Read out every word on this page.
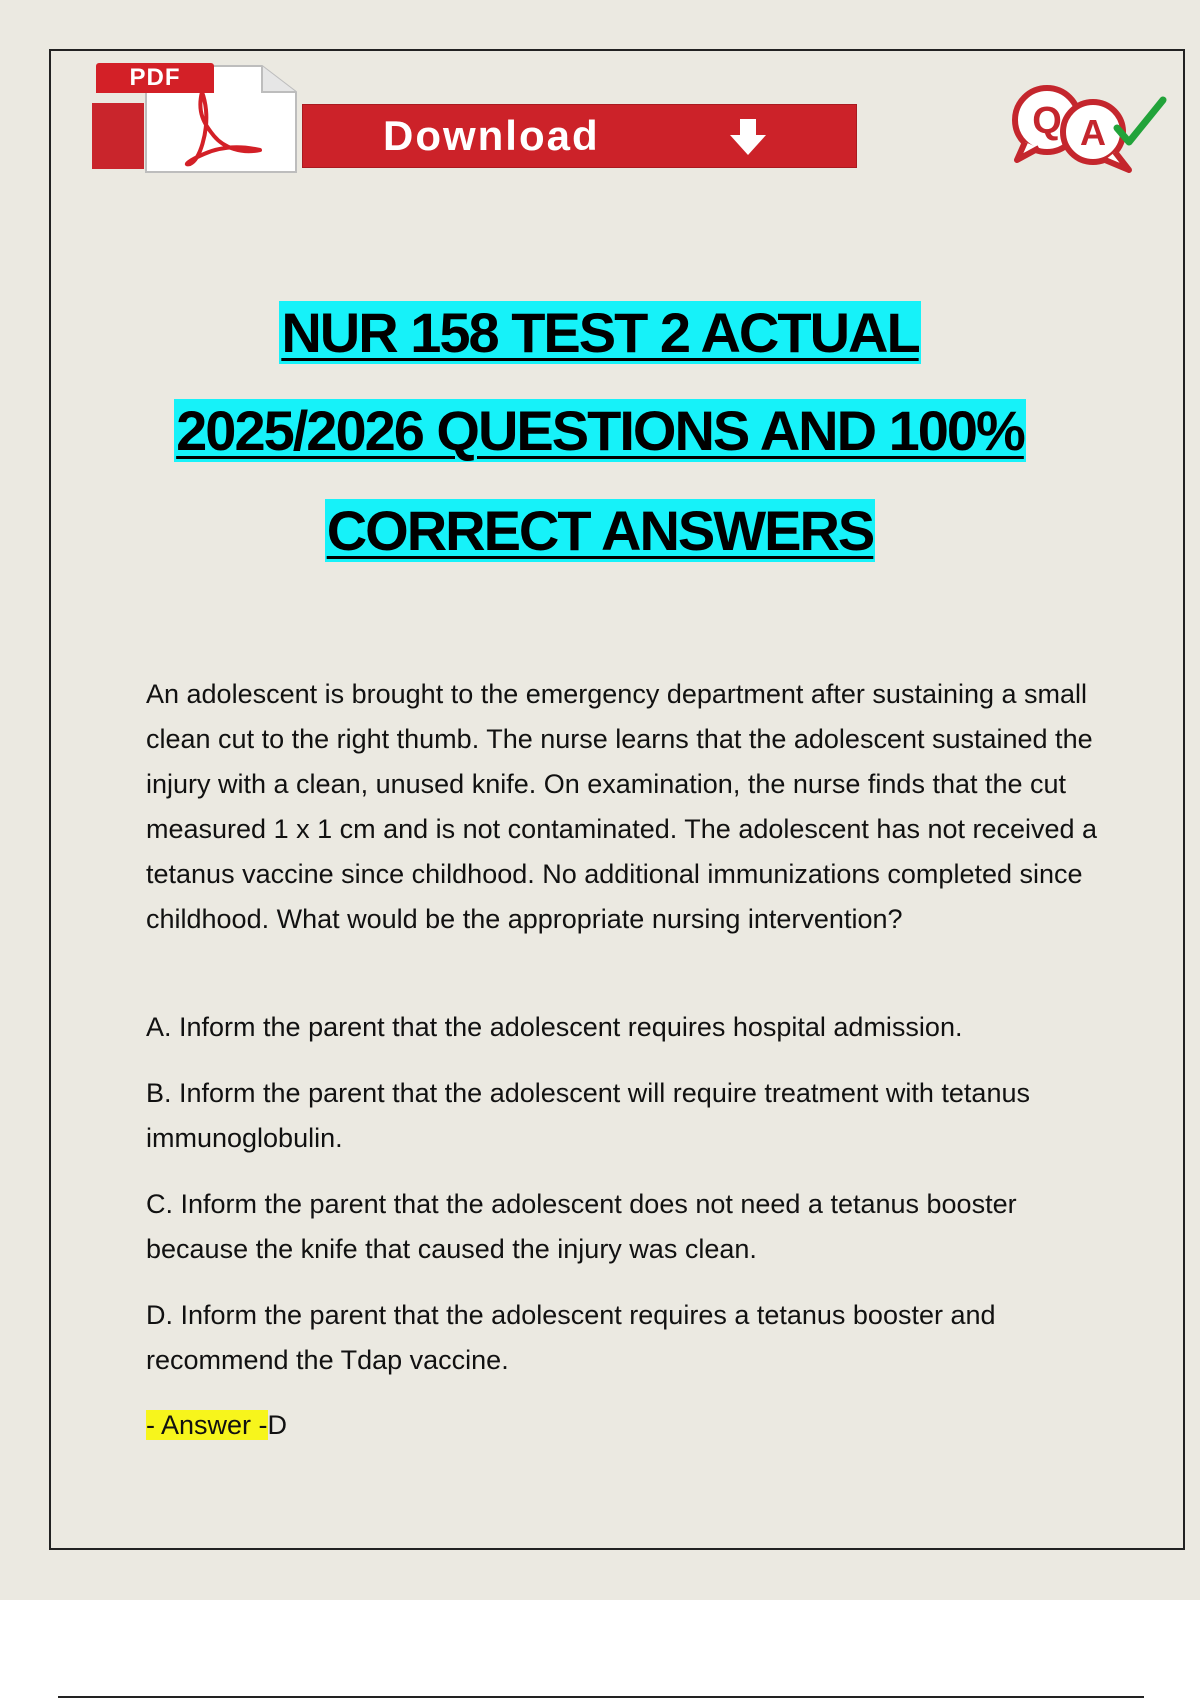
PDF
Download	Q A
NUR 158 TEST 2 ACTUAL
2025/2026 QUESTIONS AND 100%
CORRECT ANSWERS
An adolescent is brought to the emergency department after sustaining a small clean cut to the right thumb. The nurse learns that the adolescent sustained the injury with a clean, unused knife. On examination, the nurse finds that the cut measured 1 x 1 cm and is not contaminated. The adolescent has not received a tetanus vaccine since childhood. No additional immunizations completed since childhood. What would be the appropriate nursing intervention?
A. Inform the parent that the adolescent requires hospital admission.
B. Inform the parent that the adolescent will require treatment with tetanus immunoglobulin.
C. Inform the parent that the adolescent does not need a tetanus booster because the knife that caused the injury was clean.
D. Inform the parent that the adolescent requires a tetanus booster and recommend the Tdap vaccine.
- Answer -D
